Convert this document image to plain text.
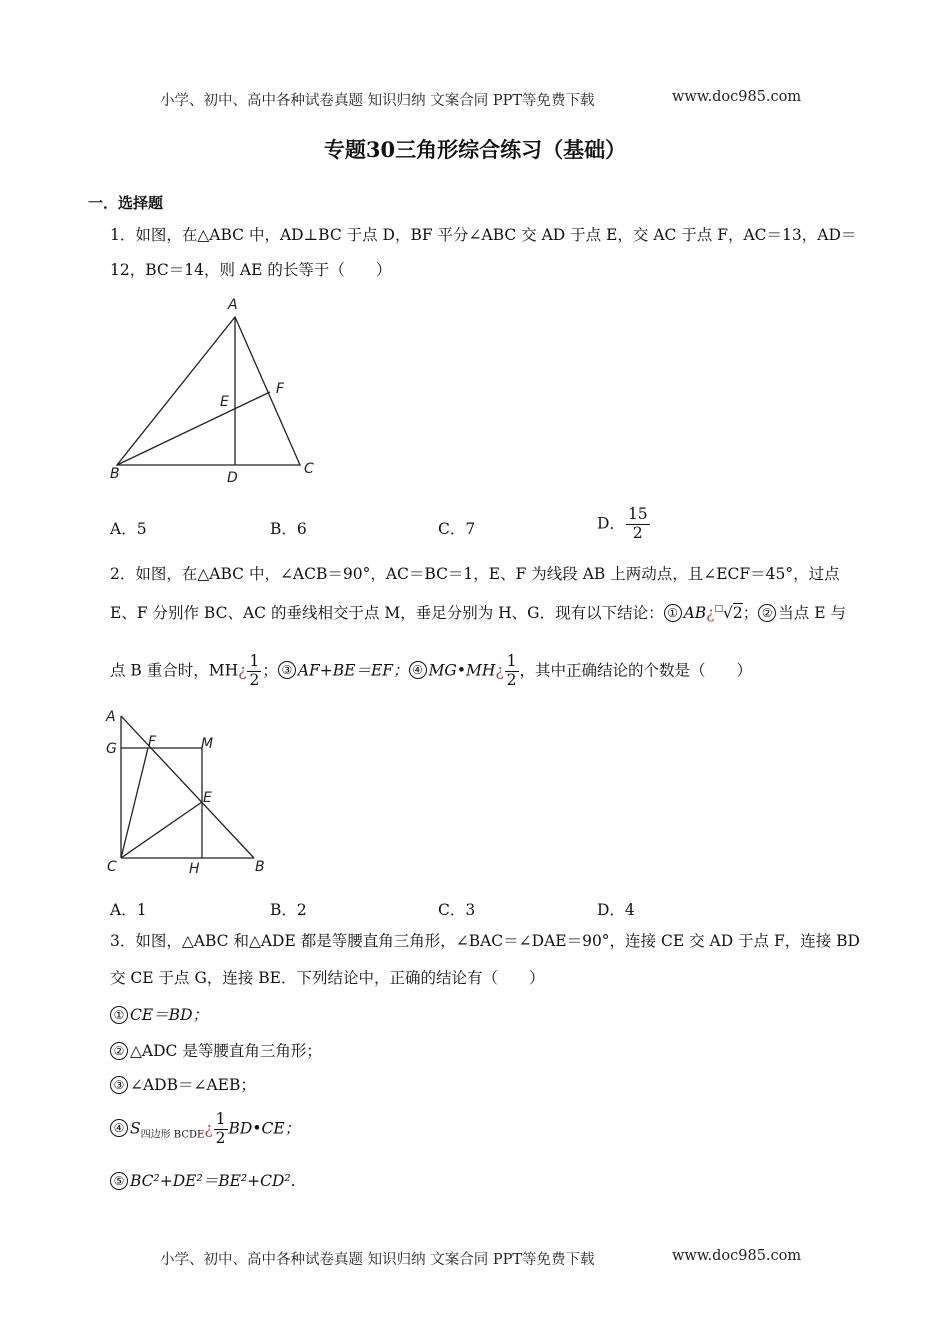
小学、初中、高中各种试卷真题 知识归纳 文案合同 PPT等免费下载	www.doc985.com
专题30三角形综合练习（基础）
一．选择题
1．如图，在△ABC 中，AD⊥BC 于点 D，BF 平分∠ABC 交 AD 于点 E，交 AC 于点 F，AC＝13，AD＝
12，BC＝14，则 AE 的长等于（　　）
A
F
E
B	D
C
A．5	B．6	C．7	D． $\frac{15}{2}$
2．如图，在△ABC 中，∠ACB＝90°，AC＝BC＝1，E、F 为线段 AB 上两动点，且∠ECF＝45°，过点
E、F 分别作 BC、AC 的垂线相交于点 M，垂足分别为 H、G．现有以下结论： ① AB¿□√2； ② 当点 E 与
点 B 重合时，MH¿ $\frac{1}{2}$ ； ③ AF+BE＝EF； ④ MG•MH¿ $\frac{1}{2}$ ，其中正确结论的个数是（　　）
A
G F	M
E
C	H	B
A．1	B．2	C．3	D．4
3．如图，△ABC 和△ADE 都是等腰直角三角形，∠BAC＝∠DAE＝90°，连接 CE 交 AD 于点 F，连接 BD
交 CE 于点 G，连接 BE．下列结论中，正确的结论有（　　）
① CE＝BD；
② △ADC 是等腰直角三角形；
③ ∠ADB＝∠AEB；
④ $S_{四边形 BCDE}¿ \frac{1}{2}$ BD•CE；
⑤ BC²+DE²＝BE²+CD².
小学、初中、高中各种试卷真题 知识归纳 文案合同 PPT等免费下载	www.doc985.com
